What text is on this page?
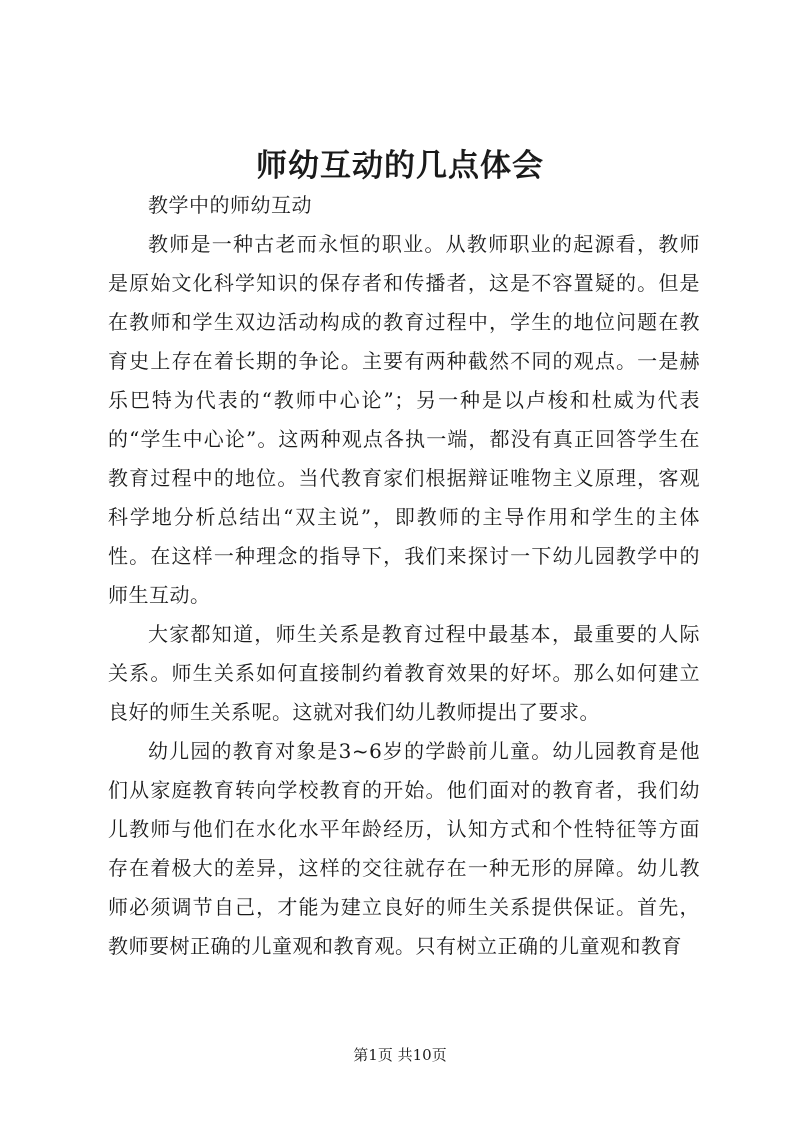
师幼互动的几点体会

教学中的师幼互动

教师是一种古老而永恒的职业。从教师职业的起源看，教师是原始文化科学知识的保存者和传播者，这是不容置疑的。但是在教师和学生双边活动构成的教育过程中，学生的地位问题在教育史上存在着长期的争论。主要有两种截然不同的观点。一是赫乐巴特为代表的“教师中心论”；另一种是以卢梭和杜威为代表的“学生中心论”。这两种观点各执一端，都没有真正回答学生在教育过程中的地位。当代教育家们根据辩证唯物主义原理，客观科学地分析总结出“双主说”，即教师的主导作用和学生的主体性。在这样一种理念的指导下，我们来探讨一下幼儿园教学中的师生互动。

大家都知道，师生关系是教育过程中最基本，最重要的人际关系。师生关系如何直接制约着教育效果的好坏。那么如何建立良好的师生关系呢。这就对我们幼儿教师提出了要求。

幼儿园的教育对象是3~6岁的学龄前儿童。幼儿园教育是他们从家庭教育转向学校教育的开始。他们面对的教育者，我们幼儿教师与他们在水化水平年龄经历，认知方式和个性特征等方面存在着极大的差异，这样的交往就存在一种无形的屏障。幼儿教师必须调节自己，才能为建立良好的师生关系提供保证。首先，教师要树正确的儿童观和教育观。只有树立正确的儿童观和教育

第1页 共10页
